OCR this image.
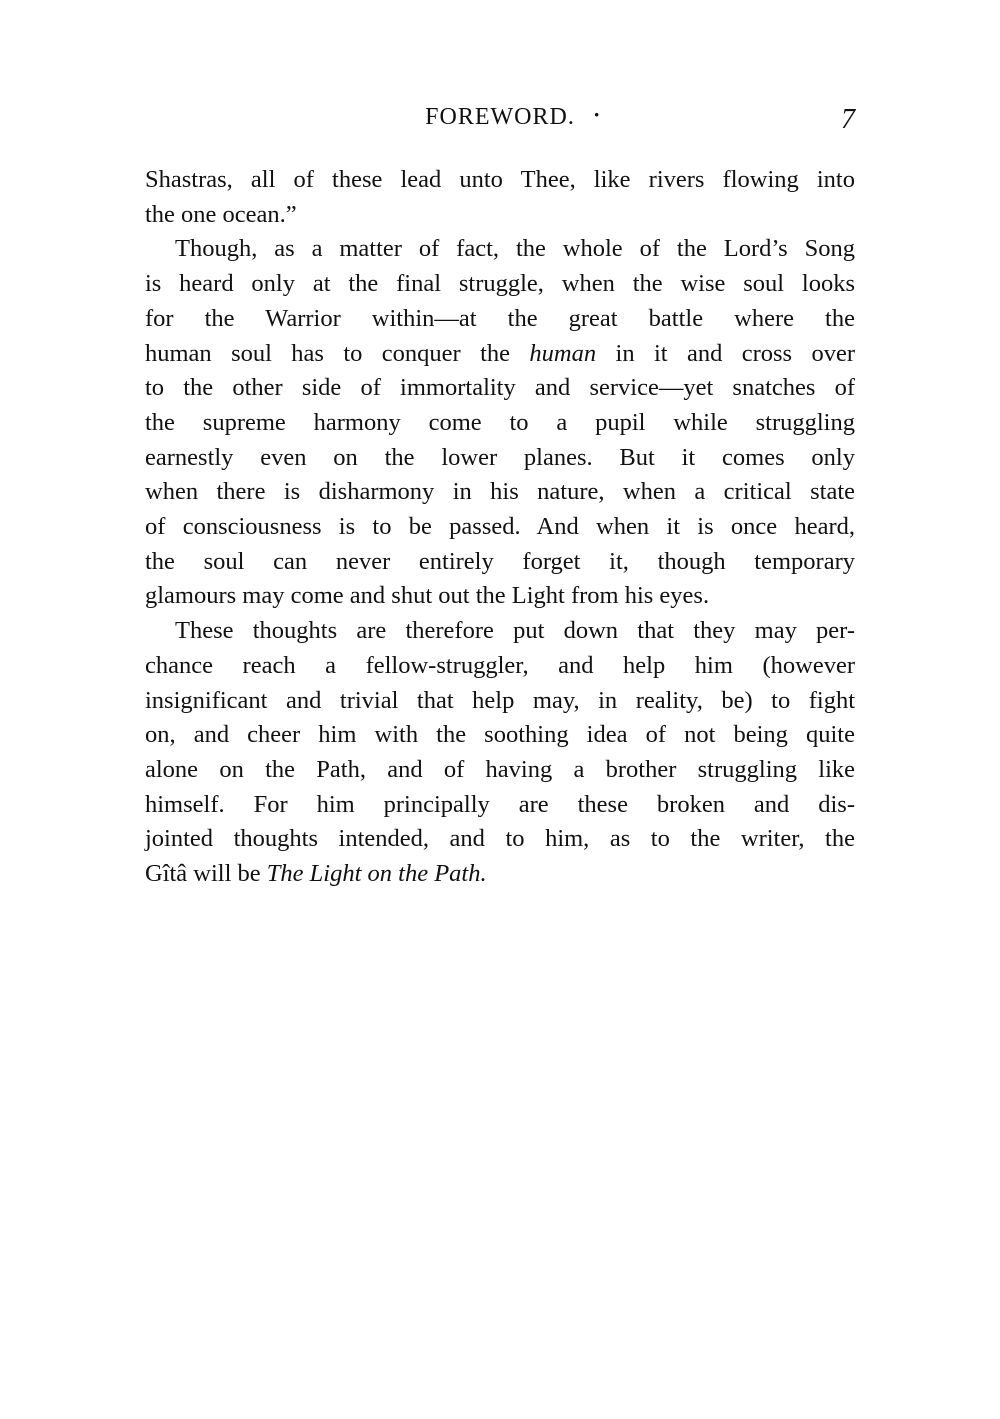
FOREWORD. ·	7

Shastras, all of these lead unto Thee, like rivers flowing into
the one ocean.”

Though, as a matter of fact, the whole of the Lord’s Song
is heard only at the final struggle, when the wise soul looks
for the Warrior within—at the great battle where the
human soul has to conquer the human in it and cross over
to the other side of immortality and service—yet snatches of
the supreme harmony come to a pupil while struggling
earnestly even on the lower planes. But it comes only
when there is disharmony in his nature, when a critical state
of consciousness is to be passed. And when it is once heard,
the soul can never entirely forget it, though temporary
glamours may come and shut out the Light from his eyes.

These thoughts are therefore put down that they may per-
chance reach a fellow-struggler, and help him (however
insignificant and trivial that help may, in reality, be) to fight
on, and cheer him with the soothing idea of not being quite
alone on the Path, and of having a brother struggling like
himself. For him principally are these broken and dis-
jointed thoughts intended, and to him, as to the writer, the
Gîtâ will be The Light on the Path.
